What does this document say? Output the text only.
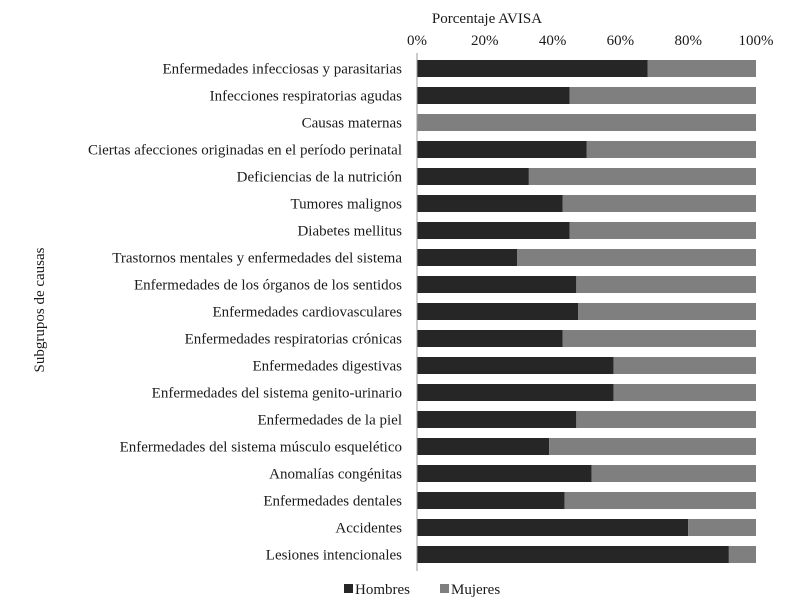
Porcentaje AVISA
Subgrupos de causas
0%	20%	40%	60%	80% 100%
Enfermedades infecciosas y parasitarias
Infecciones respiratorias agudas
Causas maternas
Ciertas afecciones originadas en el período perinatal
Deficiencias de la nutrición
Tumores malignos
Diabetes mellitus
Trastornos mentales y enfermedades del sistema
Enfermedades de los órganos de los sentidos
Enfermedades cardiovasculares
Enfermedades respiratorias crónicas
Enfermedades digestivas
Enfermedades del sistema genito-urinario
Enfermedades de la piel
Enfermedades del sistema músculo esquelético
Anomalías congénitas
Enfermedades dentales
Accidentes
Lesiones intencionales
Hombres	Mujeres
